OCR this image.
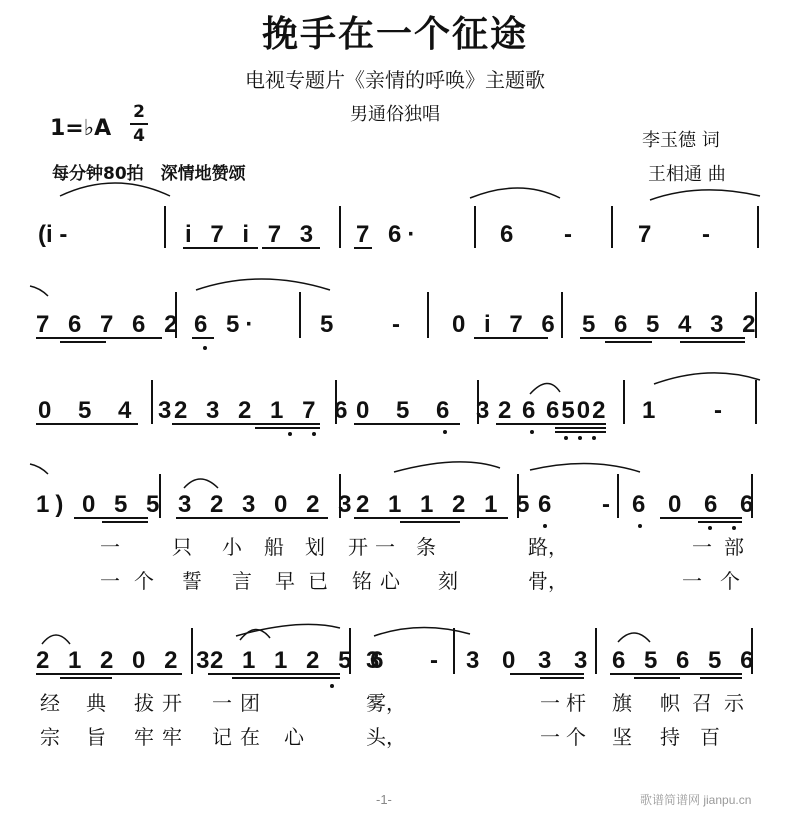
挽手在一个征途
电视专题片《亲情的呼唤》主题歌
男通俗独唱
1=♭A
2
4
每分钟80拍　深情地赞颂
李玉德 词
王相通 曲
(i -	i 7 i 7 3 7 6·	6 - 7 -
7 6 7 6 2 6 5·	5 - 0 i 7 6 5 6 5 4 3 2
0 5 4 3
2 3 2 1 7 6 0 5 6 3
2 6 6502 1 -
1) 0 5 5 3 2 3 0 2 3
2 1 1 2 1 5 6 - 6 0 6 6
一	只 小 船 划 开 一 条	路，	一 部
一 个 誓 言 早 已 铭 心 刻	骨，	一 个
2 1 2 0 2 3
2 1 1 2 5 6
3 - 3 0 3 3 6 5 6 5 6
经 典 拔 开 一 团	雾，	一 杆 旗 帜 召 示
宗 旨 牢 牢 记 在 心	头，	一 个 坚 持 百
-1-	歌谱简谱网 jianpu.cn
